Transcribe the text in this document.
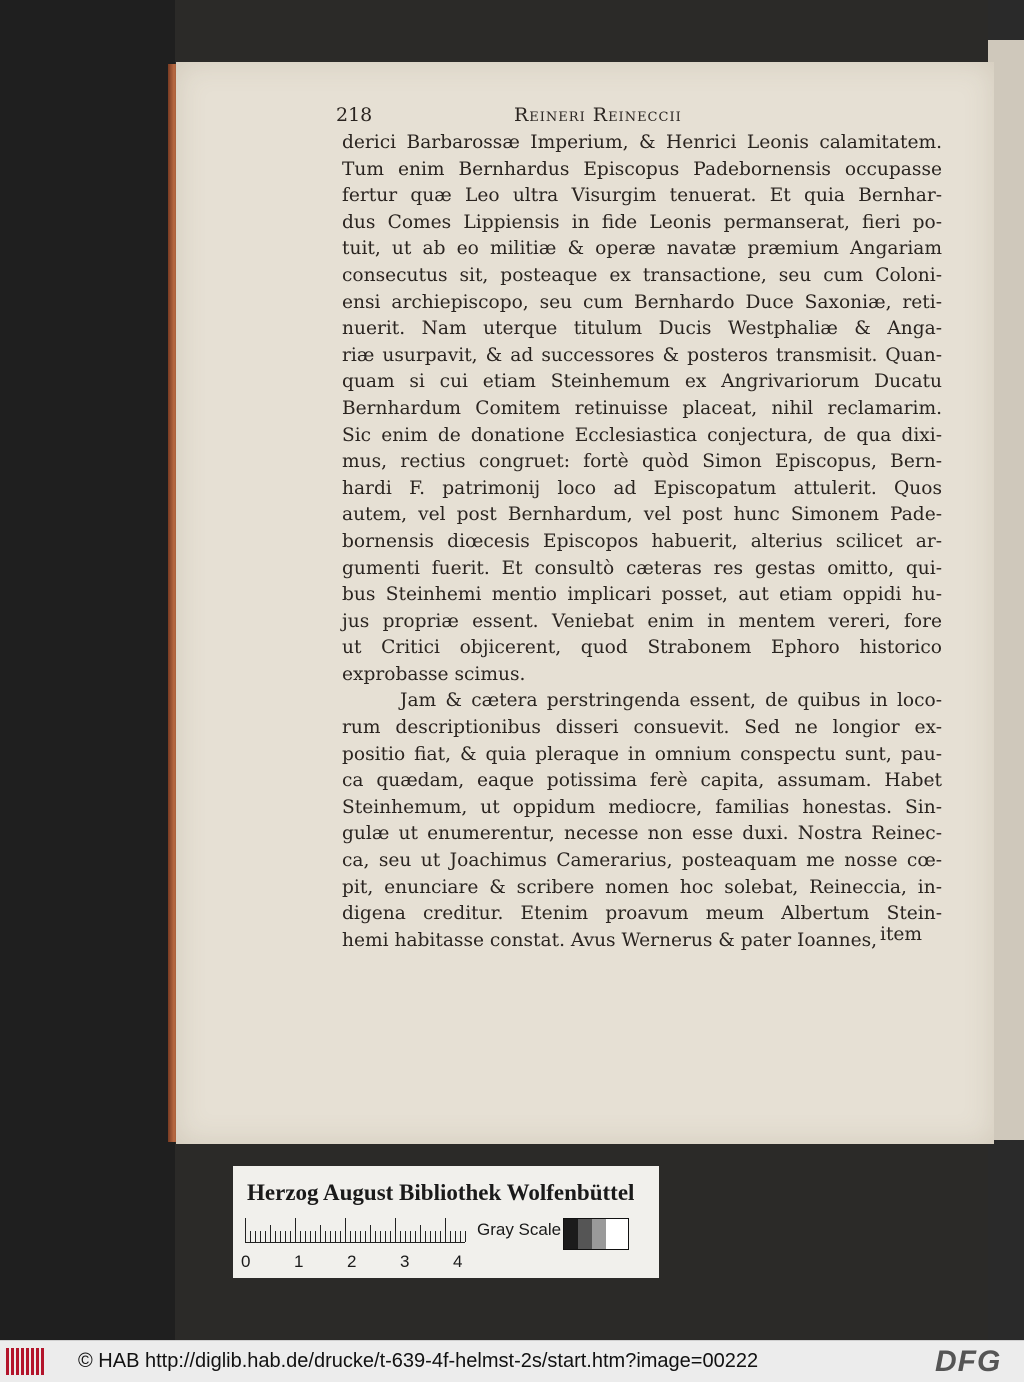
218	Reineri Reineccii
derici Barbarossæ Imperium, & Henrici Leonis calamitatem.
Tum enim Bernhardus Episcopus Padebornensis occupasse
fertur quæ Leo ultra Visurgim tenuerat. Et quia Bernhar-
dus Comes Lippiensis in fide Leonis permanserat, fieri po-
tuit, ut ab eo militiæ & operæ navatæ præmium Angariam
consecutus sit, posteaque ex transactione, seu cum Coloni-
ensi archiepiscopo, seu cum Bernhardo Duce Saxoniæ, reti-
nuerit. Nam uterque titulum Ducis Westphaliæ & Anga-
riæ usurpavit, & ad successores & posteros transmisit. Quan-
quam si cui etiam Steinhemum ex Angrivariorum Ducatu
Bernhardum Comitem retinuisse placeat, nihil reclamarim.
Sic enim de donatione Ecclesiastica conjectura, de qua dixi-
mus, rectius congruet: fortè quòd Simon Episcopus, Bern-
hardi F. patrimonij loco ad Episcopatum attulerit. Quos
autem, vel post Bernhardum, vel post hunc Simonem Pade-
bornensis diœcesis Episcopos habuerit, alterius scilicet ar-
gumenti fuerit. Et consultò cæteras res gestas omitto, qui-
bus Steinhemi mentio implicari posset, aut etiam oppidi hu-
jus propriæ essent. Veniebat enim in mentem vereri, fore
ut Critici objicerent, quod Strabonem Ephoro historico
exprobasse scimus.
Jam & cætera perstringenda essent, de quibus in loco-
rum descriptionibus disseri consuevit. Sed ne longior ex-
positio fiat, & quia pleraque in omnium conspectu sunt, pau-
ca quædam, eaque potissima ferè capita, assumam. Habet
Steinhemum, ut oppidum mediocre, familias honestas. Sin-
gulæ ut enumerentur, necesse non esse duxi. Nostra Reinec-
ca, seu ut Joachimus Camerarius, posteaquam me nosse cœ-
pit, enunciare & scribere nomen hoc solebat, Reineccia, in-
digena creditur. Etenim proavum meum Albertum Stein-
hemi habitasse constat. Avus Wernerus & pater Ioannes, item
Herzog August Bibliothek Wolfenbüttel
0	1	2	3	4
Gray Scale
© HAB http://diglib.hab.de/drucke/t-639-4f-helmst-2s/start.htm?image=00222	DFG
